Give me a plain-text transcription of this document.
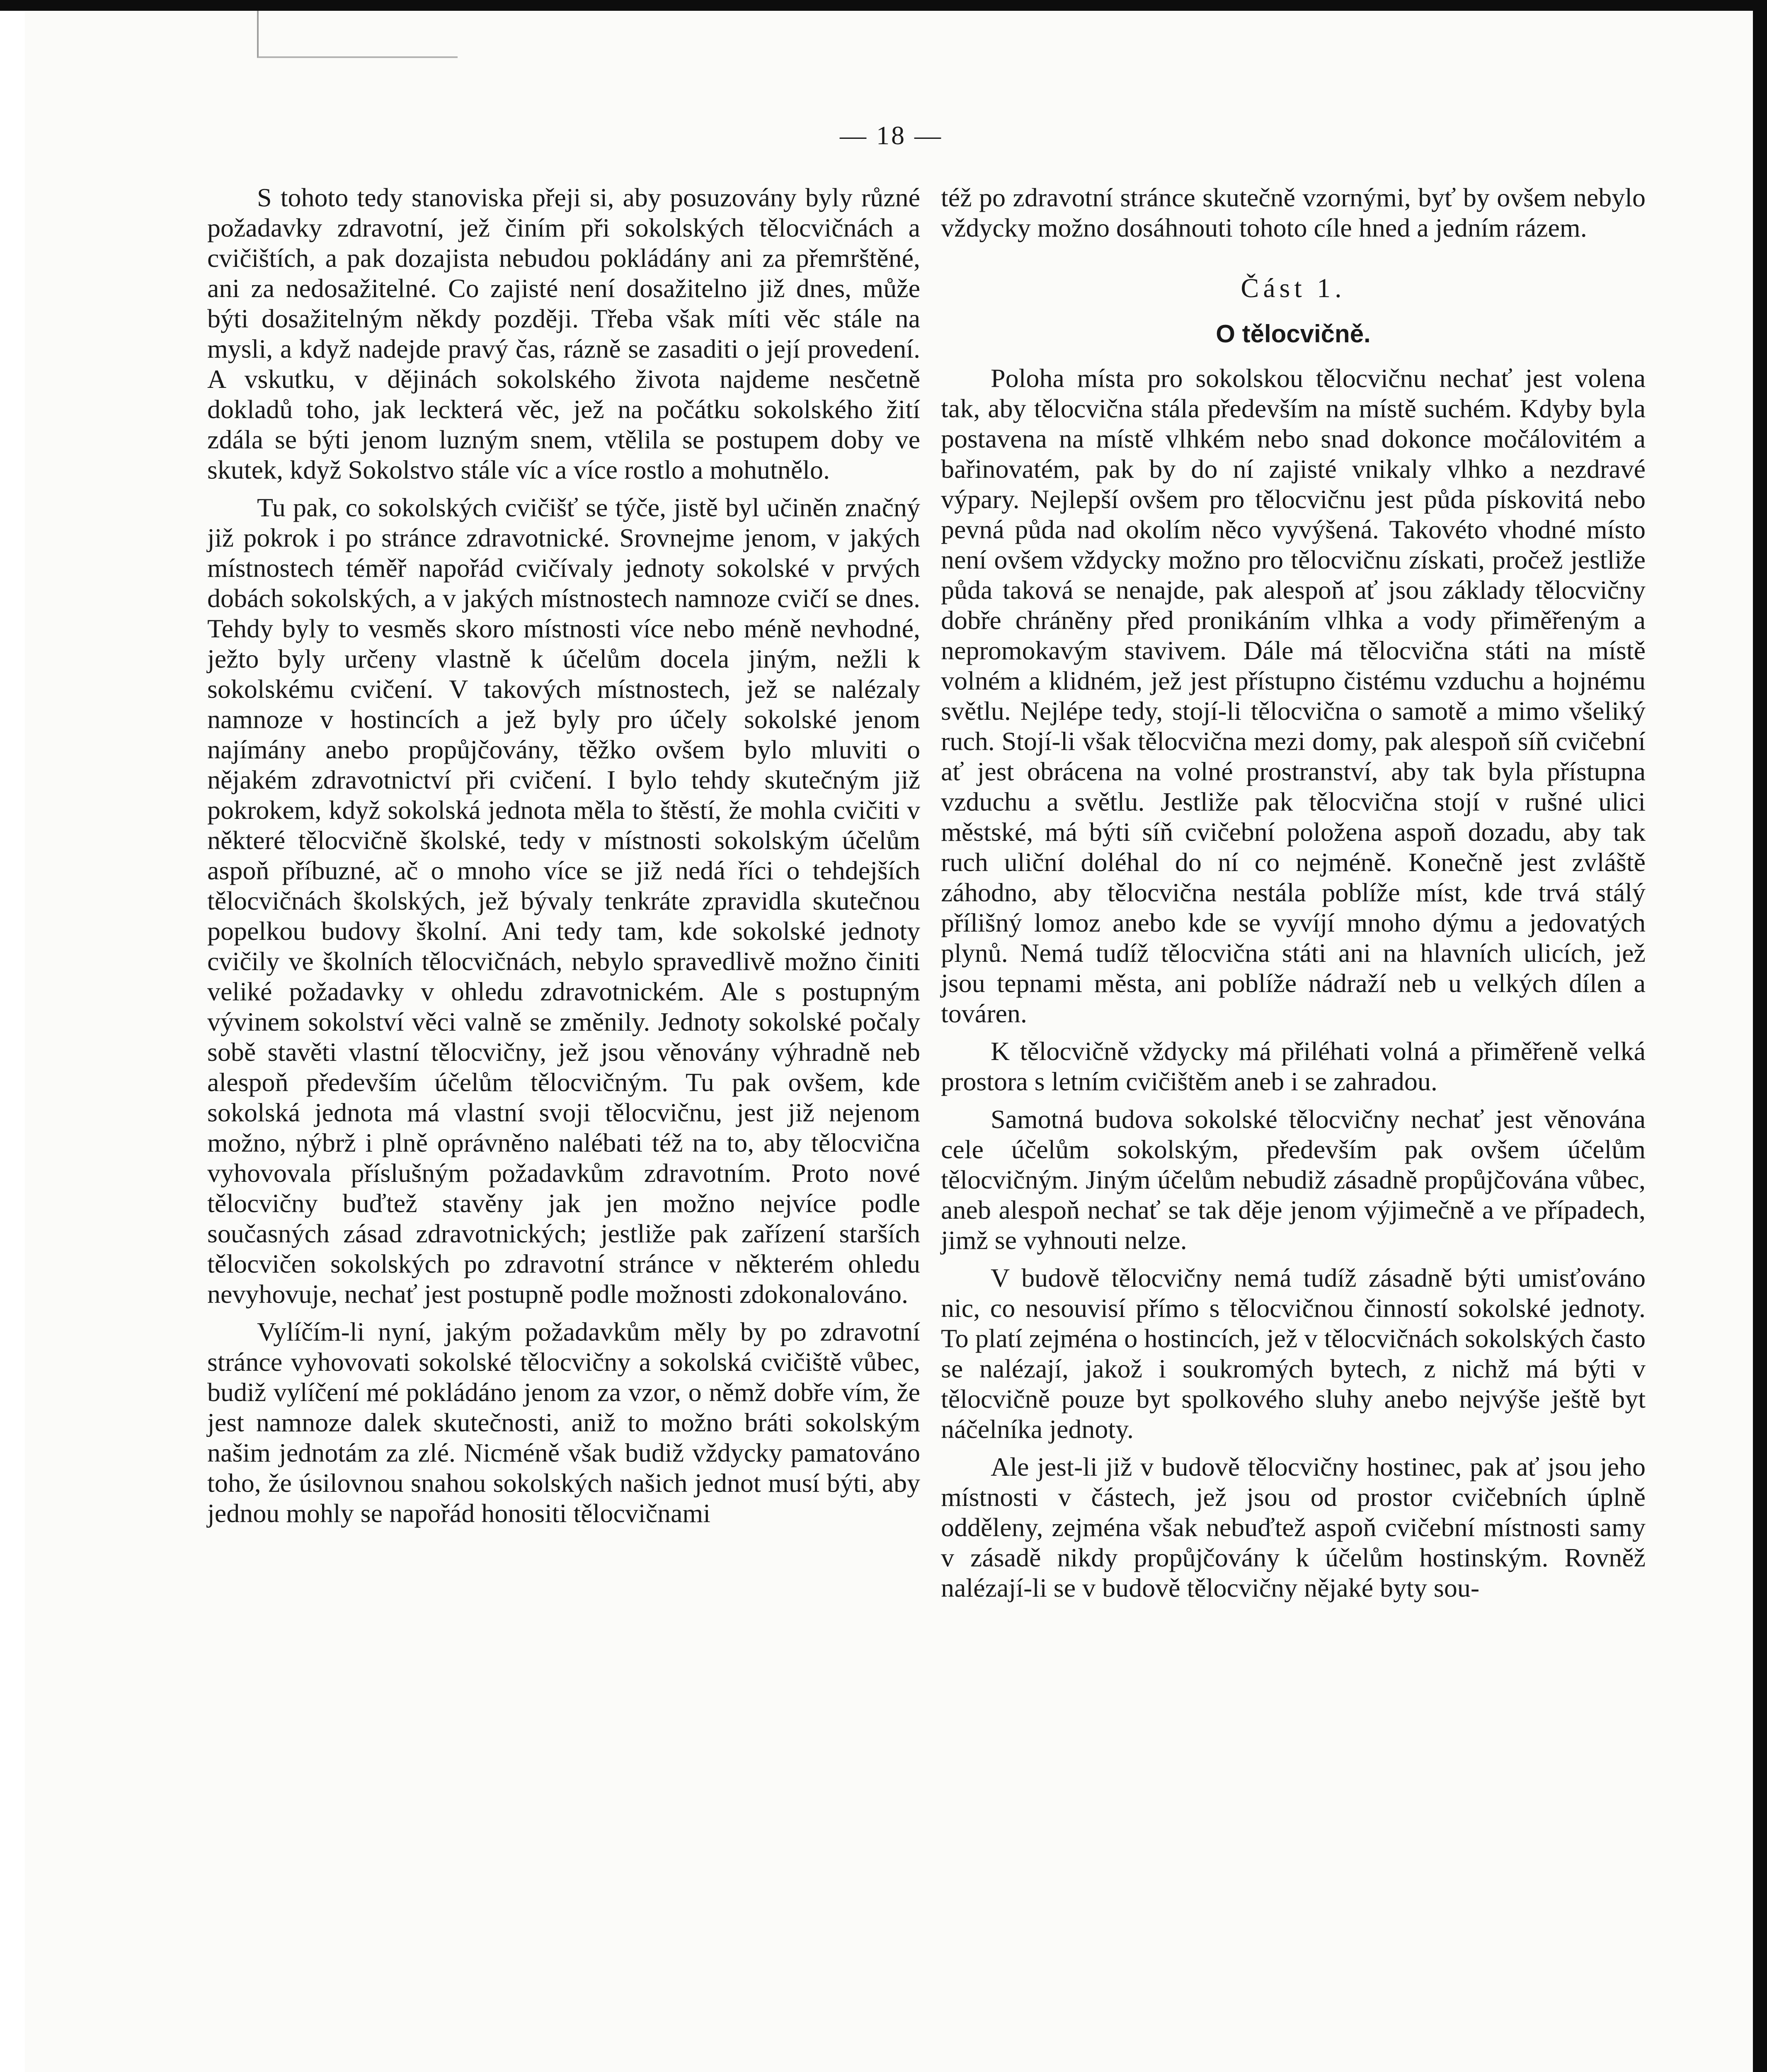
— 18 —

S tohoto tedy stanoviska přeji si, aby posuzovány byly různé požadavky zdravotní, jež činím při sokolských tělocvičnách a cvičištích, a pak dozajista nebudou pokládány ani za přemrštěné, ani za nedosažitelné. Co zajisté není dosažitelno již dnes, může býti dosažitelným někdy později. Třeba však míti věc stále na mysli, a když nadejde pravý čas, rázně se zasaditi o její provedení. A vskutku, v dějinách sokolského života najdeme nesčetně dokladů toho, jak leckterá věc, jež na počátku sokolského žití zdála se býti jenom luzným snem, vtělila se postupem doby ve skutek, když Sokolstvo stále víc a více rostlo a mohutnělo.

Tu pak, co sokolských cvičišť se týče, jistě byl učiněn značný již pokrok i po stránce zdravotnické. Srovnejme jenom, v jakých místnostech téměř napořád cvičívaly jednoty sokolské v prvých dobách sokolských, a v jakých místnostech namnoze cvičí se dnes. Tehdy byly to vesměs skoro místnosti více nebo méně nevhodné, ježto byly určeny vlastně k účelům docela jiným, nežli k sokolskému cvičení. V takových místnostech, jež se nalézaly namnoze v hostincích a jež byly pro účely sokolské jenom najímány anebo propůjčovány, těžko ovšem bylo mluviti o nějakém zdravotnictví při cvičení. I bylo tehdy skutečným již pokrokem, když sokolská jednota měla to štěstí, že mohla cvičiti v některé tělocvičně školské, tedy v místnosti sokolským účelům aspoň příbuzné, ač o mnoho více se již nedá říci o tehdejších tělocvičnách školských, jež bývaly tenkráte zpravidla skutečnou popelkou budovy školní. Ani tedy tam, kde sokolské jednoty cvičily ve školních tělocvičnách, nebylo spravedlivě možno činiti veliké požadavky v ohledu zdravotnickém. Ale s postupným vývinem sokolství věci valně se změnily. Jednoty sokolské počaly sobě stavěti vlastní tělocvičny, jež jsou věnovány výhradně neb alespoň především účelům tělocvičným. Tu pak ovšem, kde sokolská jednota má vlastní svoji tělocvičnu, jest již nejenom možno, nýbrž i plně oprávněno nalébati též na to, aby tělocvična vyhovovala příslušným požadavkům zdravotním. Proto nové tělocvičny buďtež stavěny jak jen možno nejvíce podle současných zásad zdravotnických; jestliže pak zařízení starších tělocvičen sokolských po zdravotní stránce v některém ohledu nevyhovuje, nechať jest postupně podle možnosti zdokonalováno.

Vylíčím-li nyní, jakým požadavkům měly by po zdravotní stránce vyhovovati sokolské tělocvičny a sokolská cvičiště vůbec, budiž vylíčení mé pokládáno jenom za vzor, o němž dobře vím, že jest namnoze dalek skutečnosti, aniž to možno bráti sokolským našim jednotám za zlé. Nicméně však budiž vždycky pamatováno toho, že úsilovnou snahou sokolských našich jednot musí býti, aby jednou mohly se napořád honositi tělocvičnami

též po zdravotní stránce skutečně vzornými, byť by ovšem nebylo vždycky možno dosáhnouti tohoto cíle hned a jedním rázem.

Část 1.
O tělocvičně.

Poloha místa pro sokolskou tělocvičnu nechať jest volena tak, aby tělocvična stála především na místě suchém. Kdyby byla postavena na místě vlhkém nebo snad dokonce močálovitém a bařinovatém, pak by do ní zajisté vnikaly vlhko a nezdravé výpary. Nejlepší ovšem pro tělocvičnu jest půda pískovitá nebo pevná půda nad okolím něco vyvýšená. Takovéto vhodné místo není ovšem vždycky možno pro tělocvičnu získati, pročež jestliže půda taková se nenajde, pak alespoň ať jsou základy tělocvičny dobře chráněny před pronikáním vlhka a vody přiměřeným a nepromokavým stavivem. Dále má tělocvična státi na místě volném a klidném, jež jest přístupno čistému vzduchu a hojnému světlu. Nejlépe tedy, stojí-li tělocvična o samotě a mimo všeliký ruch. Stojí-li však tělocvična mezi domy, pak alespoň síň cvičební ať jest obrácena na volné prostranství, aby tak byla přístupna vzduchu a světlu. Jestliže pak tělocvična stojí v rušné ulici městské, má býti síň cvičební položena aspoň dozadu, aby tak ruch uliční doléhal do ní co nejméně. Konečně jest zvláště záhodno, aby tělocvična nestála poblíže míst, kde trvá stálý přílišný lomoz anebo kde se vyvíjí mnoho dýmu a jedovatých plynů. Nemá tudíž tělocvična státi ani na hlavních ulicích, jež jsou tepnami města, ani poblíže nádraží neb u velkých dílen a továren.

K tělocvičně vždycky má přiléhati volná a přiměřeně velká prostora s letním cvičištěm aneb i se zahradou.

Samotná budova sokolské tělocvičny nechať jest věnována cele účelům sokolským, především pak ovšem účelům tělocvičným. Jiným účelům nebudiž zásadně propůjčována vůbec, aneb alespoň nechať se tak děje jenom výjimečně a ve případech, jimž se vyhnouti nelze.

V budově tělocvičny nemá tudíž zásadně býti umisťováno nic, co nesouvisí přímo s tělocvičnou činností sokolské jednoty. To platí zejména o hostincích, jež v tělocvičnách sokolských často se nalézají, jakož i soukromých bytech, z nichž má býti v tělocvičně pouze byt spolkového sluhy anebo nejvýše ještě byt náčelníka jednoty.

Ale jest-li již v budově tělocvičny hostinec, pak ať jsou jeho místnosti v částech, jež jsou od prostor cvičebních úplně odděleny, zejména však nebuďtež aspoň cvičební místnosti samy v zásadě nikdy propůjčovány k účelům hostinským. Rovněž nalézají-li se v budově tělocvičny nějaké byty sou-
